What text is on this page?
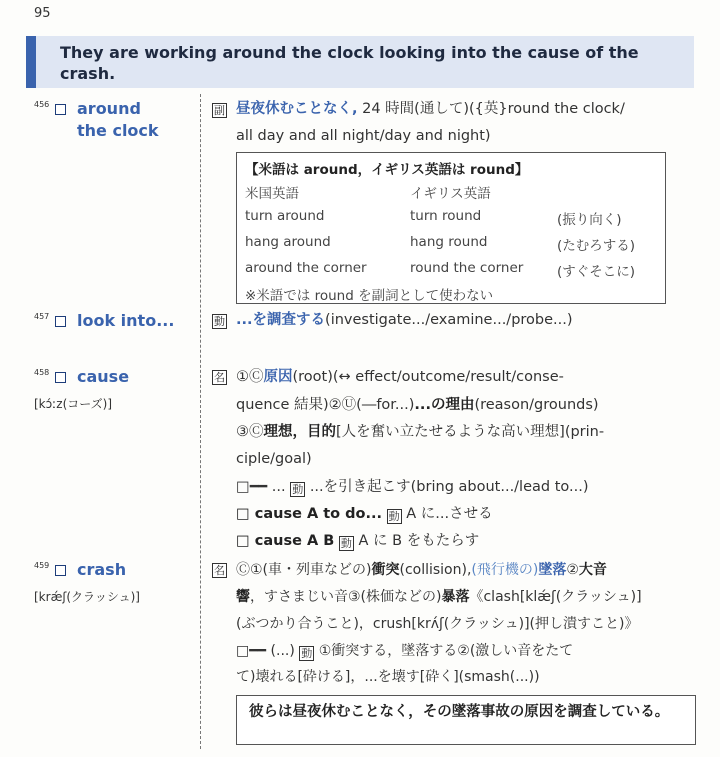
95
They are working around the clock looking into the cause of the crash.
456 around
the clock
副 昼夜休むことなく, 24 時間(通して)({英}round the clock/
all day and all night/day and night)
【米語は around，イギリス英語は round】
米国英語	イギリス英語
turn around	turn round	(振り向く)
hang around	hang round	(たむろする)
around the corner	round the corner (すぐそこに)
※米語では round を副詞として使わない
457 look into...	動 ...を調査する(investigate.../examine.../probe...)
458 cause
[kɔ́ːz(コーズ)]
名 ①Ⓒ原因(root)(↔ effect/outcome/result/conse-
quence 結果)②Ⓤ(―for...)...の理由(reason/grounds)
③Ⓒ理想，目的[人を奮い立たせるような高い理想](prin-
ciple/goal)
□━━ ... 動 ...を引き起こす(bring about.../lead to...)
□ cause A to do... 動 A に...させる
□ cause A B 動 A に B をもたらす
459 crash
[krǽʃ(クラッシュ)]
名 Ⓒ①(車・列車などの)衝突(collision),(飛行機の)墜落②大音
響，すさまじい音③(株価などの)暴落《clash[klǽʃ(クラッシュ)]
(ぶつかり合うこと)，crush[krʌ́ʃ(クラッシュ)](押し潰すこと)》
□━━ (...) 動 ①衝突する，墜落する②(激しい音をたて
て)壊れる[砕ける]，...を壊す[砕く](smash(...))
彼らは昼夜休むことなく，その墜落事故の原因を調査している。
